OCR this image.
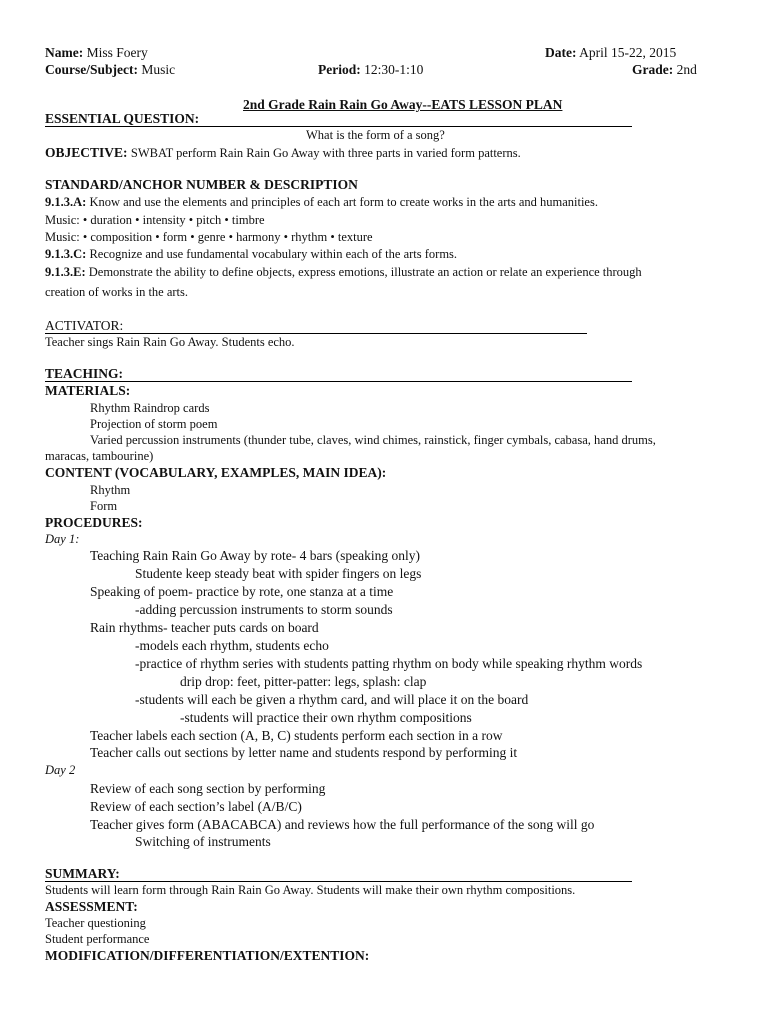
Name: Miss Foery	Date: April 15-22, 2015
Course/Subject: Music	Period: 12:30-1:10	Grade: 2nd
2nd Grade Rain Rain Go Away--EATS LESSON PLAN
ESSENTIAL QUESTION:
What is the form of a song?
OBJECTIVE: SWBAT perform Rain Rain Go Away with three parts in varied form patterns.
STANDARD/ANCHOR NUMBER & DESCRIPTION
9.1.3.A: Know and use the elements and principles of each art form to create works in the arts and humanities.
Music: • duration • intensity • pitch • timbre
Music: • composition • form • genre • harmony • rhythm • texture
9.1.3.C: Recognize and use fundamental vocabulary within each of the arts forms.
9.1.3.E: Demonstrate the ability to define objects, express emotions, illustrate an action or relate an experience through
creation of works in the arts.
ACTIVATOR:
Teacher sings Rain Rain Go Away. Students echo.
TEACHING:
MATERIALS:
Rhythm Raindrop cards
Projection of storm poem
Varied percussion instruments (thunder tube, claves, wind chimes, rainstick, finger cymbals, cabasa, hand drums,
maracas, tambourine)
CONTENT (VOCABULARY, EXAMPLES, MAIN IDEA):
Rhythm
Form
PROCEDURES:
Day 1:
Teaching Rain Rain Go Away by rote- 4 bars (speaking only)
Studente keep steady beat with spider fingers on legs
Speaking of poem- practice by rote, one stanza at a time
-adding percussion instruments to storm sounds
Rain rhythms- teacher puts cards on board
-models each rhythm, students echo
-practice of rhythm series with students patting rhythm on body while speaking rhythm words
drip drop: feet, pitter-patter: legs, splash: clap
-students will each be given a rhythm card, and will place it on the board
-students will practice their own rhythm compositions
Teacher labels each section (A, B, C) students perform each section in a row
Teacher calls out sections by letter name and students respond by performing it
Day 2
Review of each song section by performing
Review of each section’s label (A/B/C)
Teacher gives form (ABACABCA) and reviews how the full performance of the song will go
Switching of instruments
SUMMARY:
Students will learn form through Rain Rain Go Away. Students will make their own rhythm compositions.
ASSESSMENT:
Teacher questioning
Student performance
MODIFICATION/DIFFERENTIATION/EXTENTION:
